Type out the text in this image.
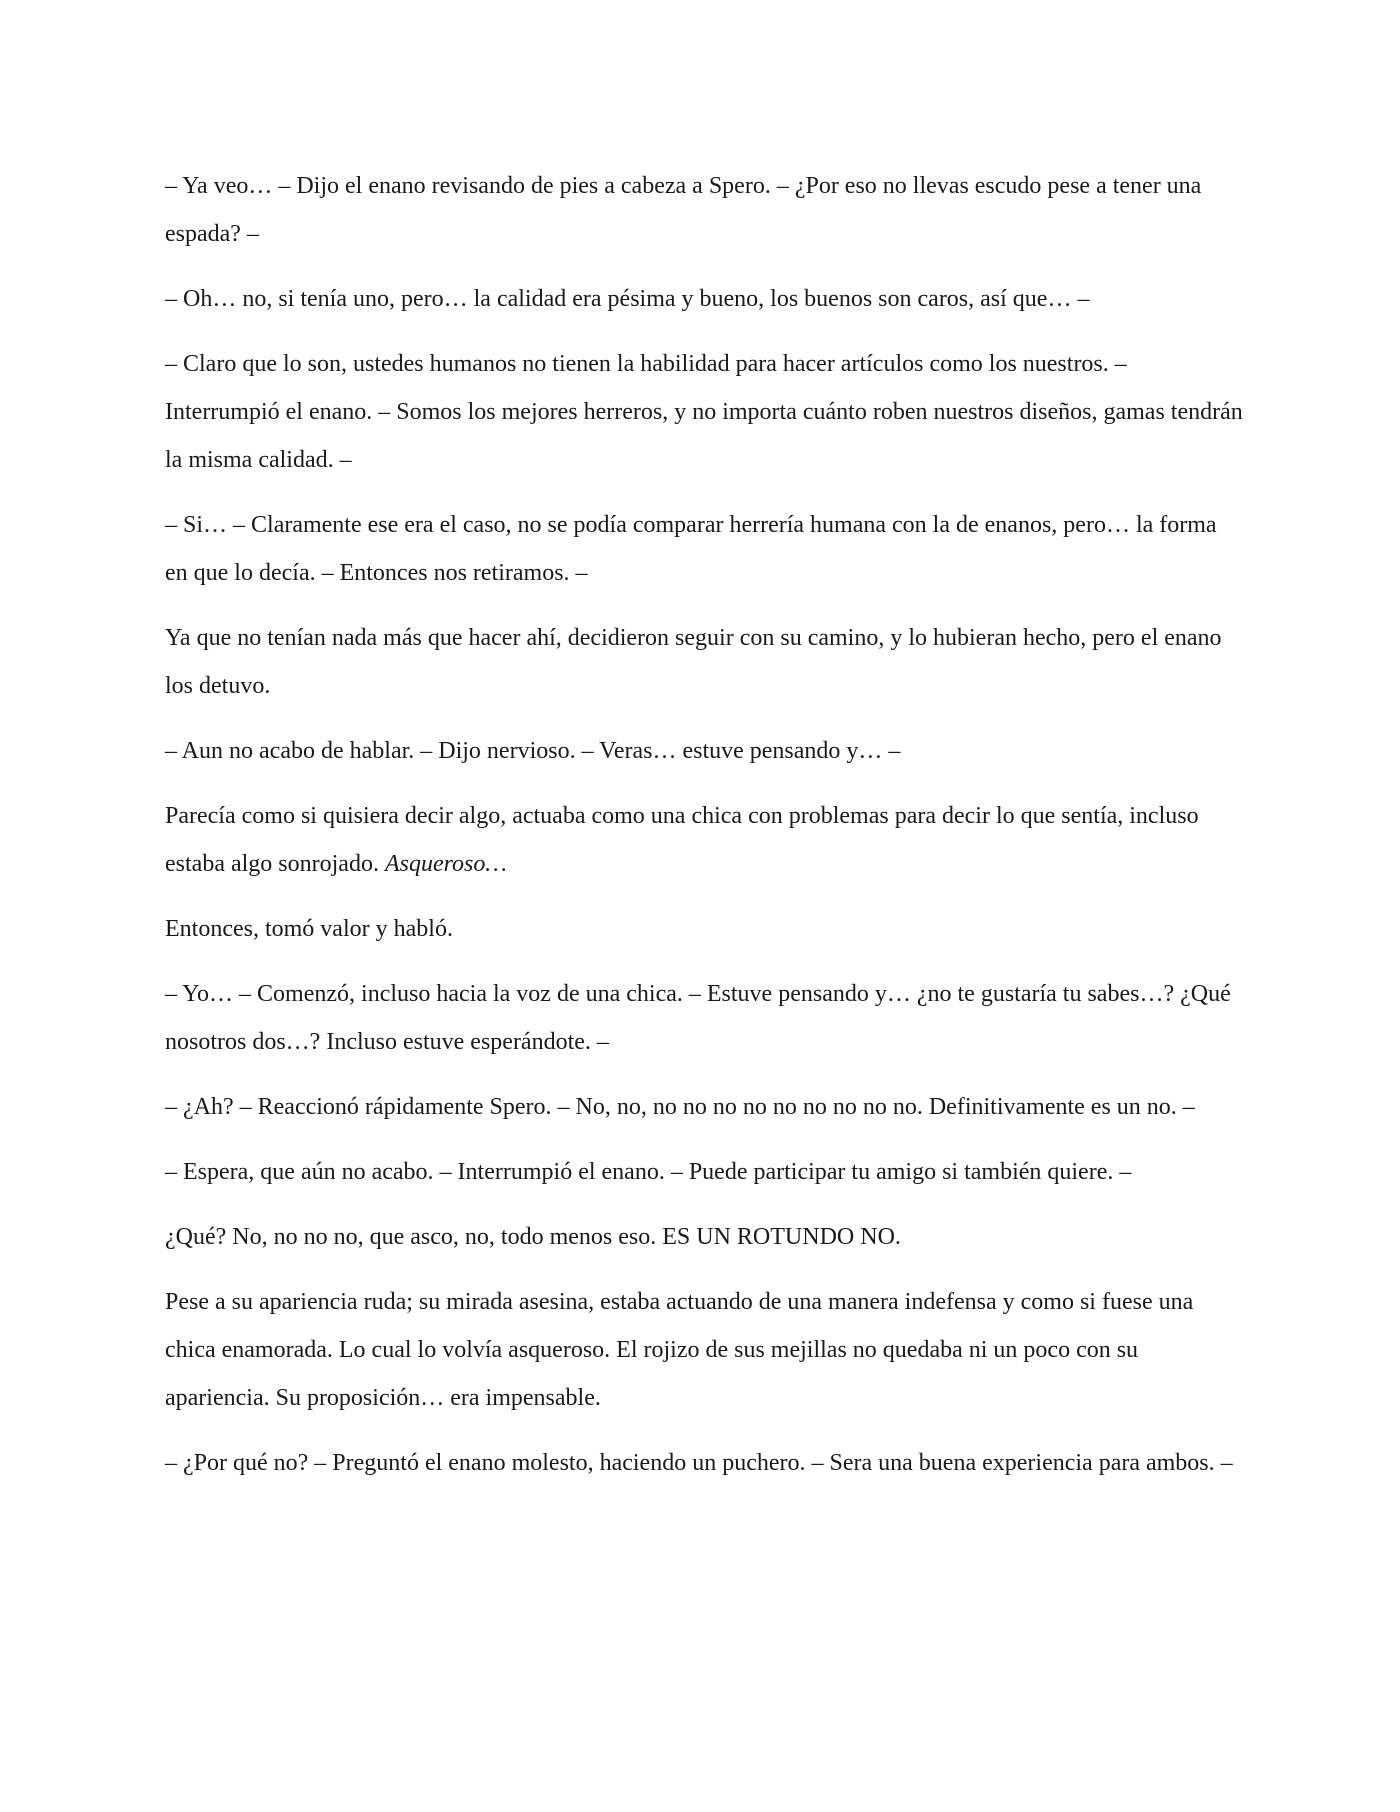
– Ya veo… – Dijo el enano revisando de pies a cabeza a Spero. – ¿Por eso no llevas escudo pese a tener una espada? –

– Oh… no, si tenía uno, pero… la calidad era pésima y bueno, los buenos son caros, así que… –

– Claro que lo son, ustedes humanos no tienen la habilidad para hacer artículos como los nuestros. – Interrumpió el enano. – Somos los mejores herreros, y no importa cuánto roben nuestros diseños, gamas tendrán la misma calidad. –

– Si… – Claramente ese era el caso, no se podía comparar herrería humana con la de enanos, pero… la forma en que lo decía. – Entonces nos retiramos. –

Ya que no tenían nada más que hacer ahí, decidieron seguir con su camino, y lo hubieran hecho, pero el enano los detuvo.

– Aun no acabo de hablar. – Dijo nervioso. – Veras… estuve pensando y… –

Parecía como si quisiera decir algo, actuaba como una chica con problemas para decir lo que sentía, incluso estaba algo sonrojado. Asqueroso…

Entonces, tomó valor y habló.

– Yo… – Comenzó, incluso hacia la voz de una chica. – Estuve pensando y… ¿no te gustaría tu sabes…? ¿Qué nosotros dos…? Incluso estuve esperándote. –

– ¿Ah? – Reaccionó rápidamente Spero. – No, no, no no no no no no no no no. Definitivamente es un no. –

– Espera, que aún no acabo. – Interrumpió el enano. – Puede participar tu amigo si también quiere. –

¿Qué? No, no no no, que asco, no, todo menos eso. ES UN ROTUNDO NO.

Pese a su apariencia ruda; su mirada asesina, estaba actuando de una manera indefensa y como si fuese una chica enamorada. Lo cual lo volvía asqueroso. El rojizo de sus mejillas no quedaba ni un poco con su apariencia. Su proposición… era impensable.

– ¿Por qué no? – Preguntó el enano molesto, haciendo un puchero. – Sera una buena experiencia para ambos. –
